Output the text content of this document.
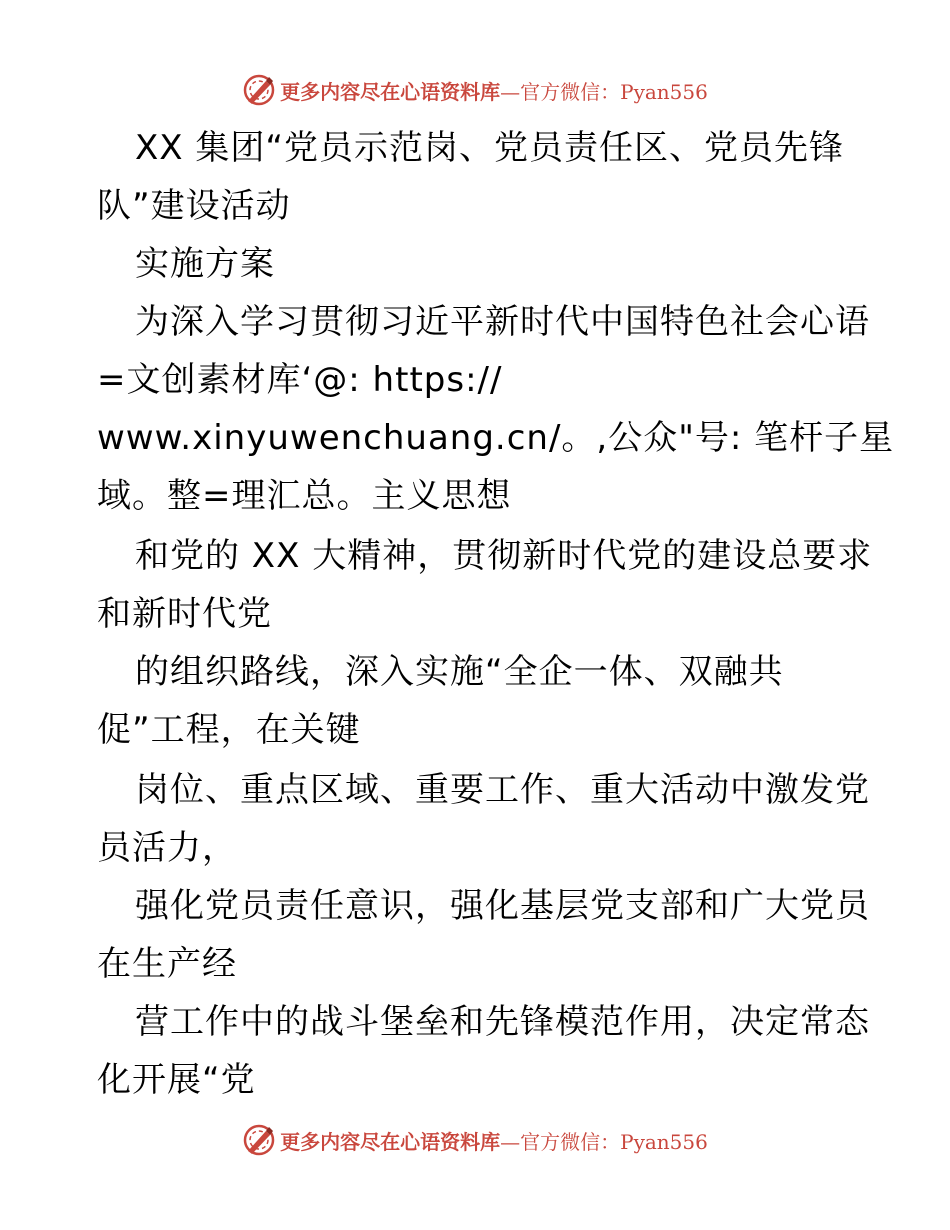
更多内容尽在心语资料库—官方微信：Pyan556
XX 集团“党员示范岗、党员责任区、党员先锋
队”建设活动
实施方案
为深入学习贯彻习近平新时代中国特色社会心语
=文创素材库‘@: https://
www.xinyuwenchuang.cn/。,公众"号: 笔杆子星
域。整=理汇总。主义思想
和党的 XX 大精神，贯彻新时代党的建设总要求
和新时代党
的组织路线，深入实施“全企一体、双融共
促”工程，在关键
岗位、重点区域、重要工作、重大活动中激发党
员活力，
强化党员责任意识，强化基层党支部和广大党员
在生产经
营工作中的战斗堡垒和先锋模范作用，决定常态
化开展“党
更多内容尽在心语资料库—官方微信：Pyan556
